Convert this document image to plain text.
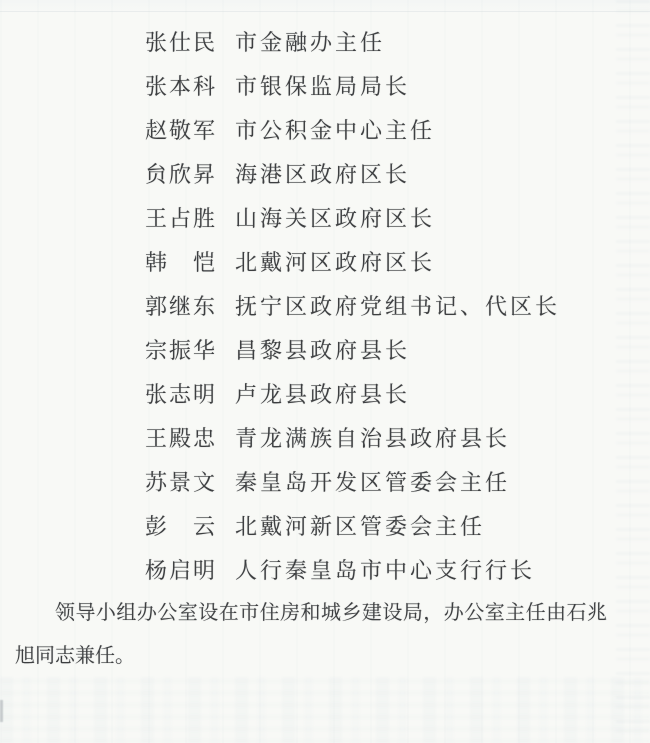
张仕民 市金融办主任
张本科 市银保监局局长
赵敬军 市公积金中心主任
贠欣昇 海港区政府区长
王占胜 山海关区政府区长
韩　恺 北戴河区政府区长
郭继东 抚宁区政府党组书记、代区长
宗振华 昌黎县政府县长
张志明 卢龙县政府县长
王殿忠 青龙满族自治县政府县长
苏景文 秦皇岛开发区管委会主任
彭　云 北戴河新区管委会主任
杨启明 人行秦皇岛市中心支行行长

领导小组办公室设在市住房和城乡建设局，办公室主任由石兆旭同志兼任。
